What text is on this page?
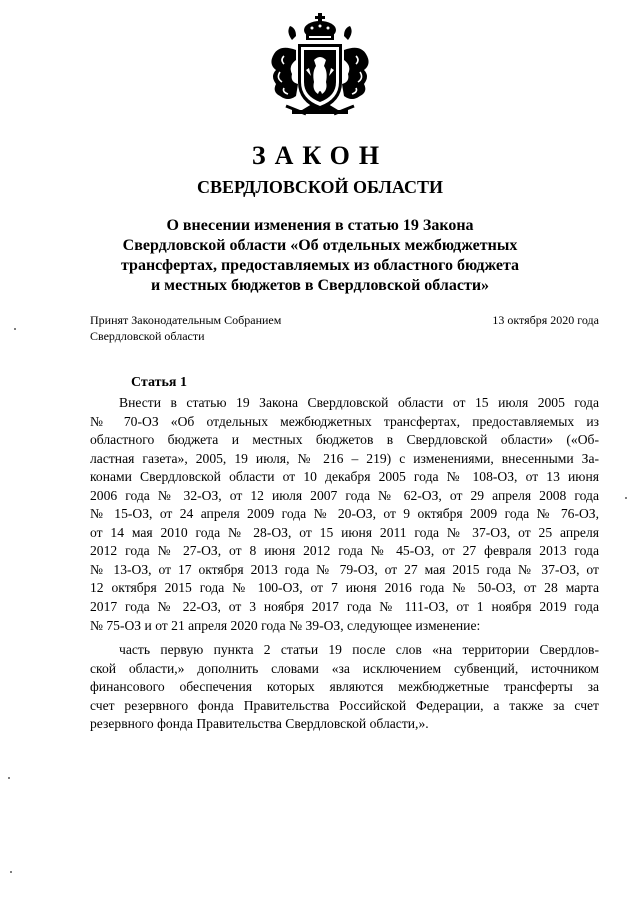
ЗАКОН
СВЕРДЛОВСКОЙ ОБЛАСТИ
О внесении изменения в статью 19 Закона
Свердловской области «Об отдельных межбюджетных
трансфертах, предоставляемых из областного бюджета
и местных бюджетов в Свердловской области»
Принят Законодательным Собранием
Свердловской области
13 октября 2020 года
Статья 1
Внести в статью 19 Закона Свердловской области от 15 июля 2005 года
№ 70-ОЗ «Об отдельных межбюджетных трансфертах, предоставляемых из
областного бюджета и местных бюджетов в Свердловской области» («Об-
ластная газета», 2005, 19 июля, № 216 – 219) с изменениями, внесенными За-
конами Свердловской области от 10 декабря 2005 года № 108-ОЗ, от 13 июня
2006 года № 32-ОЗ, от 12 июля 2007 года № 62-ОЗ, от 29 апреля 2008 года
№ 15-ОЗ, от 24 апреля 2009 года № 20-ОЗ, от 9 октября 2009 года № 76-ОЗ,
от 14 мая 2010 года № 28-ОЗ, от 15 июня 2011 года № 37-ОЗ, от 25 апреля
2012 года № 27-ОЗ, от 8 июня 2012 года № 45-ОЗ, от 27 февраля 2013 года
№ 13-ОЗ, от 17 октября 2013 года № 79-ОЗ, от 27 мая 2015 года № 37-ОЗ, от
12 октября 2015 года № 100-ОЗ, от 7 июня 2016 года № 50-ОЗ, от 28 марта
2017 года № 22-ОЗ, от 3 ноября 2017 года № 111-ОЗ, от 1 ноября 2019 года
№ 75-ОЗ и от 21 апреля 2020 года № 39-ОЗ, следующее изменение:
часть первую пункта 2 статьи 19 после слов «на территории Свердлов-
ской области,» дополнить словами «за исключением субвенций, источником
финансового обеспечения которых являются межбюджетные трансферты за
счет резервного фонда Правительства Российской Федерации, а также за счет
резервного фонда Правительства Свердловской области,».
